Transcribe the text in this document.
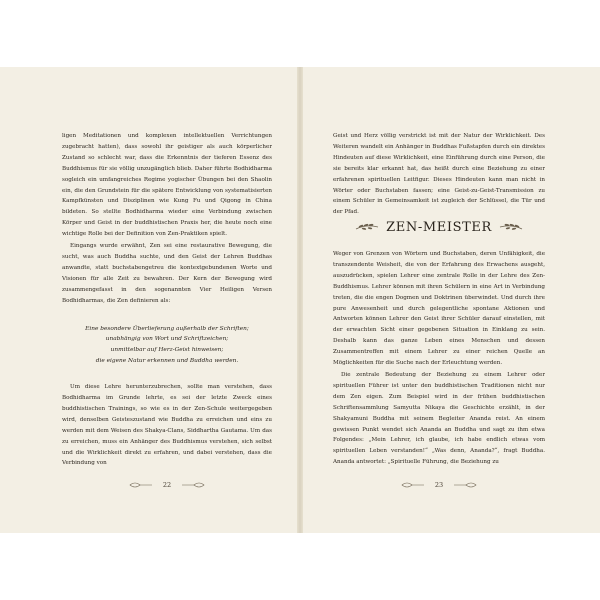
ligen Meditationen und komplexen intellektuellen Verrichtungen zugebracht hatten), dass sowohl ihr geistiger als auch körperlicher Zustand so schlecht war, dass die Erkenntnis der tieferen Essenz des Buddhismus für sie völlig unzugänglich blieb. Daher führte Bodhidharma sogleich ein umfangreiches Regime yogischer Übungen bei den Shaolin ein, die den Grundstein für die spätere Entwicklung von systematisierten Kampfkünsten und Disziplinen wie Kung Fu und Qigong in China bildeten. So stellte Bodhidharma wieder eine Verbindung zwischen Körper und Geist in der buddhistischen Praxis her, die heute noch eine wichtige Rolle bei der Definition von Zen-Praktiken spielt.

Eingangs wurde erwähnt, Zen sei eine restaurative Bewegung, die sucht, was auch Buddha suchte, und den Geist der Lehren Buddhas anwandte, statt buchstabengetreu die kontextgebundenen Worte und Visionen für alle Zeit zu bewahren. Der Kern der Bewegung wird zusammengefasst in den sogenannten Vier Heiligen Versen Bodhidharmas, die Zen definieren als:

Eine besondere Überlieferung außerhalb der Schriften;
unabhängig von Wort und Schriftzeichen;
unmittelbar auf Herz-Geist hinweisen;
die eigene Natur erkennen und Buddha werden.

Um diese Lehre herunterzubrechen, sollte man verstehen, dass Bodhidharma im Grunde lehrte, es sei der letzte Zweck eines buddhistischen Trainings, so wie es in der Zen-Schule weitergegeben wird, denselben Geisteszustand wie Buddha zu erreichen und eins zu werden mit dem Weisen des Shakya-Clans, Siddhartha Gautama. Um das zu erreichen, muss ein Anhänger des Buddhismus verstehen, sich selbst und die Wirklichkeit direkt zu erfahren, und dabei verstehen, dass die Verbindung von

22

Geist und Herz völlig verstrickt ist mit der Natur der Wirklichkeit. Des Weiteren wandelt ein Anhänger in Buddhas Fußstapfen durch ein direktes Hindeuten auf diese Wirklichkeit, eine Einführung durch eine Person, die sie bereits klar erkannt hat, das heißt durch eine Beziehung zu einer erfahrenen spirituellen Leitfigur. Dieses Hindeuten kann man nicht in Wörter oder Buchstaben fassen; eine Geist-zu-Geist-Transmission zu einem Schüler in Gemeinsamkeit ist zugleich der Schlüssel, die Tür und der Pfad.

ZEN-MEISTER

Weger von Grenzen von Wörtern und Buchstaben, deren Unfähigkeit, die transzendente Weisheit, die von der Erfahrung des Erwachens ausgeht, auszudrücken, spielen Lehrer eine zentrale Rolle in der Lehre des Zen-Buddhismus. Lehrer können mit ihren Schülern in eine Art in Verbindung treten, die die engen Dogmen und Doktrinen überwindet. Und durch ihre pure Anwesenheit und durch gelegentliche spontane Aktionen und Antworten können Lehrer den Geist ihrer Schüler darauf einstellen, mit der erwachten Sicht einer gegebenen Situation in Einklang zu sein. Deshalb kann das ganze Leben eines Menschen und dessen Zusammentreffen mit einem Lehrer zu einer reichen Quelle an Möglichkeiten für die Suche nach der Erleuchtung werden.

Die zentrale Bedeutung der Beziehung zu einem Lehrer oder spirituellen Führer ist unter den buddhistischen Traditionen nicht nur dem Zen eigen. Zum Beispiel wird in der frühen buddhistischen Schriftensammlung Samyutta Nikaya die Geschichte erzählt, in der Shakyamuni Buddha mit seinem Begleiter Ananda reist. An einem gewissen Punkt wendet sich Ananda an Buddha und sagt zu ihm etwa Folgendes: „Mein Lehrer, ich glaube, ich habe endlich etwas vom spirituellen Leben verstanden!“ „Was denn, Ananda?“, fragt Buddha. Ananda antwortet: „Spirituelle Führung, die Beziehung zu

23
